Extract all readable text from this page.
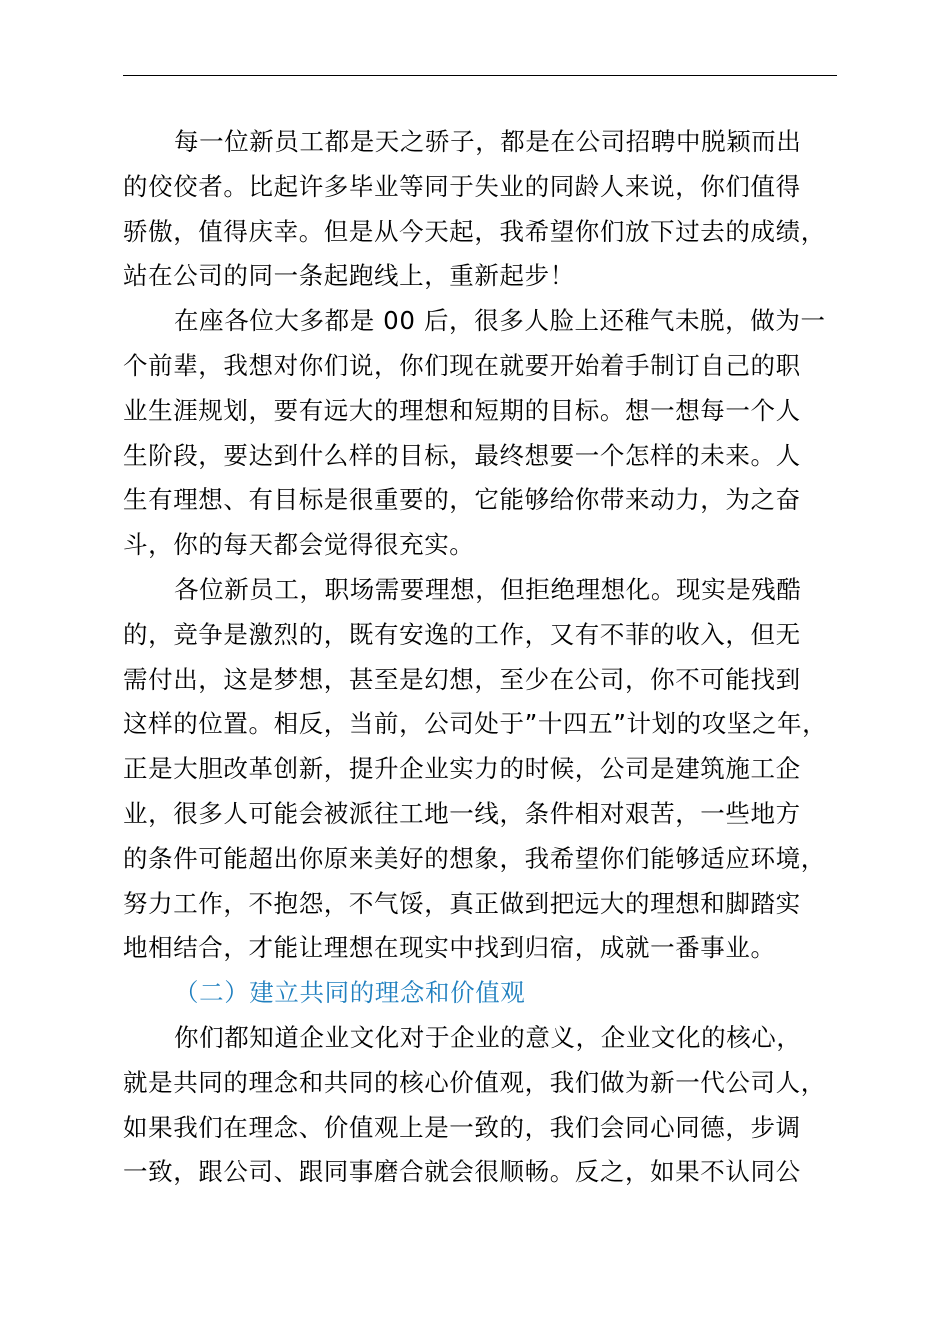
每一位新员工都是天之骄子，都是在公司招聘中脱颖而出
的佼佼者。比起许多毕业等同于失业的同龄人来说，你们值得
骄傲，值得庆幸。但是从今天起，我希望你们放下过去的成绩，
站在公司的同一条起跑线上，重新起步！
在座各位大多都是 00 后，很多人脸上还稚气未脱，做为一
个前辈，我想对你们说，你们现在就要开始着手制订自己的职
业生涯规划，要有远大的理想和短期的目标。想一想每一个人
生阶段，要达到什么样的目标，最终想要一个怎样的未来。人
生有理想、有目标是很重要的，它能够给你带来动力，为之奋
斗，你的每天都会觉得很充实。
各位新员工，职场需要理想，但拒绝理想化。现实是残酷
的，竞争是激烈的，既有安逸的工作，又有不菲的收入，但无
需付出，这是梦想，甚至是幻想，至少在公司，你不可能找到
这样的位置。相反，当前，公司处于”十四五”计划的攻坚之年，
正是大胆改革创新，提升企业实力的时候，公司是建筑施工企
业，很多人可能会被派往工地一线，条件相对艰苦，一些地方
的条件可能超出你原来美好的想象，我希望你们能够适应环境，
努力工作，不抱怨，不气馁，真正做到把远大的理想和脚踏实
地相结合，才能让理想在现实中找到归宿，成就一番事业。
（二）建立共同的理念和价值观
你们都知道企业文化对于企业的意义，企业文化的核心，
就是共同的理念和共同的核心价值观，我们做为新一代公司人，
如果我们在理念、价值观上是一致的，我们会同心同德，步调
一致，跟公司、跟同事磨合就会很顺畅。反之，如果不认同公
